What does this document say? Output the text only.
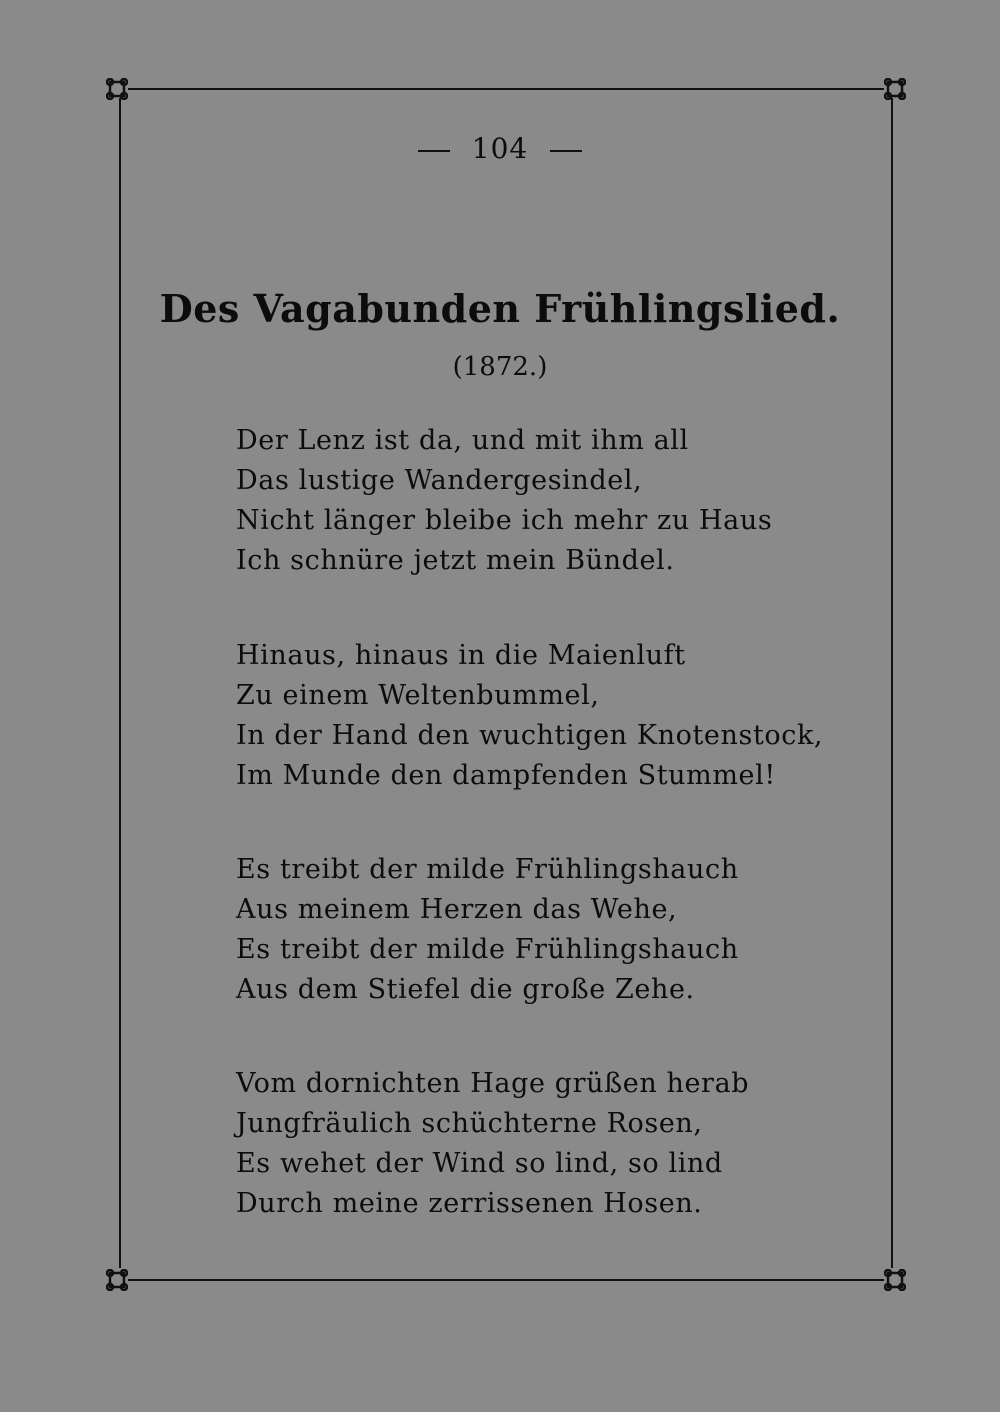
104
Des Vagabunden Frühlingslied.
(1872.)
Der Lenz ist da, und mit ihm all
Das lustige Wandergesindel,
Nicht länger bleibe ich mehr zu Haus
Ich schnüre jetzt mein Bündel.
Hinaus, hinaus in die Maienluft
Zu einem Weltenbummel,
In der Hand den wuchtigen Knotenstock,
Im Munde den dampfenden Stummel!
Es treibt der milde Frühlingshauch
Aus meinem Herzen das Wehe,
Es treibt der milde Frühlingshauch
Aus dem Stiefel die große Zehe.
Vom dornichten Hage grüßen herab
Jungfräulich schüchterne Rosen,
Es wehet der Wind so lind, so lind
Durch meine zerrissenen Hosen.
